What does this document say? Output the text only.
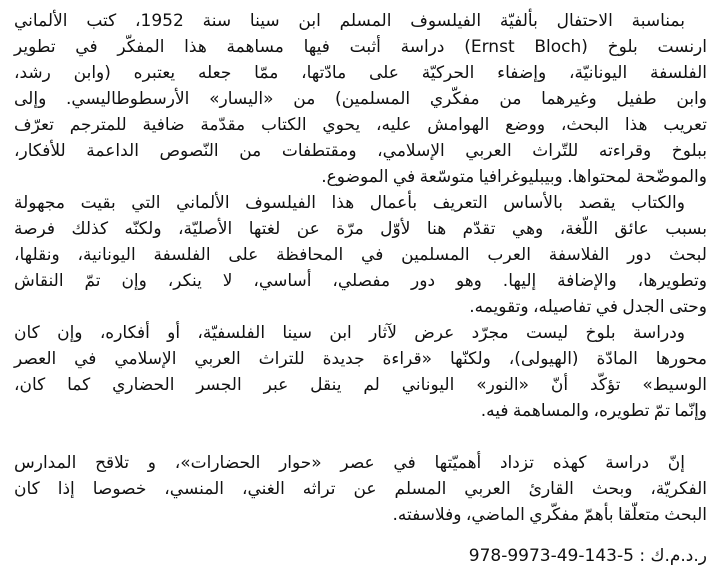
بمناسبة الاحتفال بألفيّة الفيلسوف المسلم ابن سينا سنة 1952، كتب الألماني
ارنست بلوخ (Ernst Bloch) دراسة أثبت فيها مساهمة هذا المفكّر في تطوير
الفلسفة اليونانيّة، وإضفاء الحركيّة على مادّتها، ممّا جعله يعتبره (وابن رشد،
وابن طفيل وغيرهما من مفكّري المسلمين) من «اليسار» الأرسطوطاليسي. وإلى
تعريب هذا البحث، ووضع الهوامش عليه، يحوي الكتاب مقدّمة ضافية للمترجم تعرّف
ببلوخ وقراءته للتّراث العربي الإسلامي، ومقتطفات من النّصوص الداعمة للأفكار،
والموضّحة لمحتواها. وبيبليوغرافيا متوسّعة في الموضوع.
والكتاب يقصد بالأساس التعريف بأعمال هذا الفيلسوف الألماني التي بقيت مجهولة
بسبب عائق اللّغة، وهي تقدّم هنا لأوّل مرّة عن لغتها الأصليّة، ولكنّه كذلك فرصة
لبحث دور الفلاسفة العرب المسلمين في المحافظة على الفلسفة اليونانية، ونقلها،
وتطويرها، والإضافة إليها. وهو دور مفصلي، أساسي، لا ينكر، وإن تمّ النقاش
وحتى الجدل في تفاصيله، وتقويمه.
ودراسة بلوخ ليست مجرّد عرض لآثار ابن سينا الفلسفيّة، أو أفكاره، وإن كان
محورها المادّة (الهيولى)، ولكنّها «قراءة جديدة للتراث العربي الإسلامي في العصر
الوسيط» تؤكّد أنّ «النور» اليوناني لم ينقل عبر الجسر الحضاري كما كان،
وإنّما تمّ تطويره، والمساهمة فيه.
إنّ دراسة كهذه تزداد أهميّتها في عصر «حوار الحضارات»، و تلاقح المدارس
الفكريّة، وبحث القارئ العربي المسلم عن تراثه الغني، المنسي، خصوصا إذا كان
البحث متعلّقا بأهمّ مفكّري الماضي، وفلاسفته.
ر.د.م.ك : 978-9973-49-143-5
